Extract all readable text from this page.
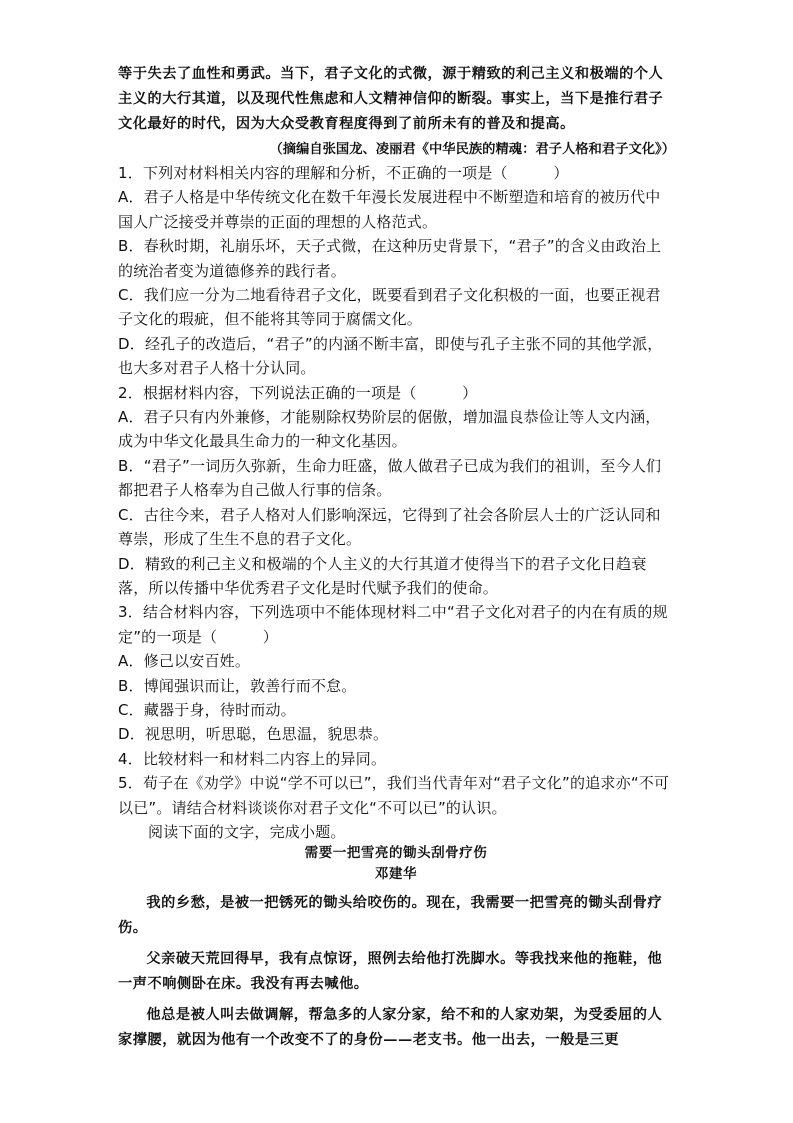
等于失去了血性和勇武。当下，君子文化的式微，源于精致的利己主义和极端的个人主义的大行其道，以及现代性焦虑和人文精神信仰的断裂。事实上，当下是推行君子文化最好的时代，因为大众受教育程度得到了前所未有的普及和提高。

（摘编自张国龙、凌丽君《中华民族的精魂：君子人格和君子文化》）

1．下列对材料相关内容的理解和分析，不正确的一项是（　　　）

A．君子人格是中华传统文化在数千年漫长发展进程中不断塑造和培育的被历代中国人广泛接受并尊崇的正面的理想的人格范式。

B．春秋时期，礼崩乐坏，天子式微，在这种历史背景下，“君子”的含义由政治上的统治者变为道德修养的践行者。

C．我们应一分为二地看待君子文化，既要看到君子文化积极的一面，也要正视君子文化的瑕疵，但不能将其等同于腐儒文化。

D．经孔子的改造后，“君子”的内涵不断丰富，即使与孔子主张不同的其他学派，也大多对君子人格十分认同。

2．根据材料内容，下列说法正确的一项是（　　　）

A．君子只有内外兼修，才能剔除权势阶层的倨傲，增加温良恭俭让等人文内涵，成为中华文化最具生命力的一种文化基因。

B．“君子”一词历久弥新，生命力旺盛，做人做君子已成为我们的祖训，至今人们都把君子人格奉为自己做人行事的信条。

C．古往今来，君子人格对人们影响深远，它得到了社会各阶层人士的广泛认同和尊崇，形成了生生不息的君子文化。

D．精致的利己主义和极端的个人主义的大行其道才使得当下的君子文化日趋衰落，所以传播中华优秀君子文化是时代赋予我们的使命。

3．结合材料内容，下列选项中不能体现材料二中“君子文化对君子的内在有质的规定”的一项是（　　　）

A．修己以安百姓。

B．博闻强识而让，敦善行而不怠。

C．藏器于身，待时而动。

D．视思明，听思聪，色思温，貌思恭。

4．比较材料一和材料二内容上的异同。

5．荀子在《劝学》中说“学不可以已”，我们当代青年对“君子文化”的追求亦“不可以已”。请结合材料谈谈你对君子文化“不可以已”的认识。

阅读下面的文字，完成小题。

需要一把雪亮的锄头刮骨疗伤

邓建华

我的乡愁，是被一把锈死的锄头给咬伤的。现在，我需要一把雪亮的锄头刮骨疗伤。

父亲破天荒回得早，我有点惊讶，照例去给他打洗脚水。等我找来他的拖鞋，他一声不响侧卧在床。我没有再去喊他。

他总是被人叫去做调解，帮急多的人家分家，给不和的人家劝架，为受委屈的人家撑腰，就因为他有一个改变不了的身份——老支书。他一出去，一般是三更
